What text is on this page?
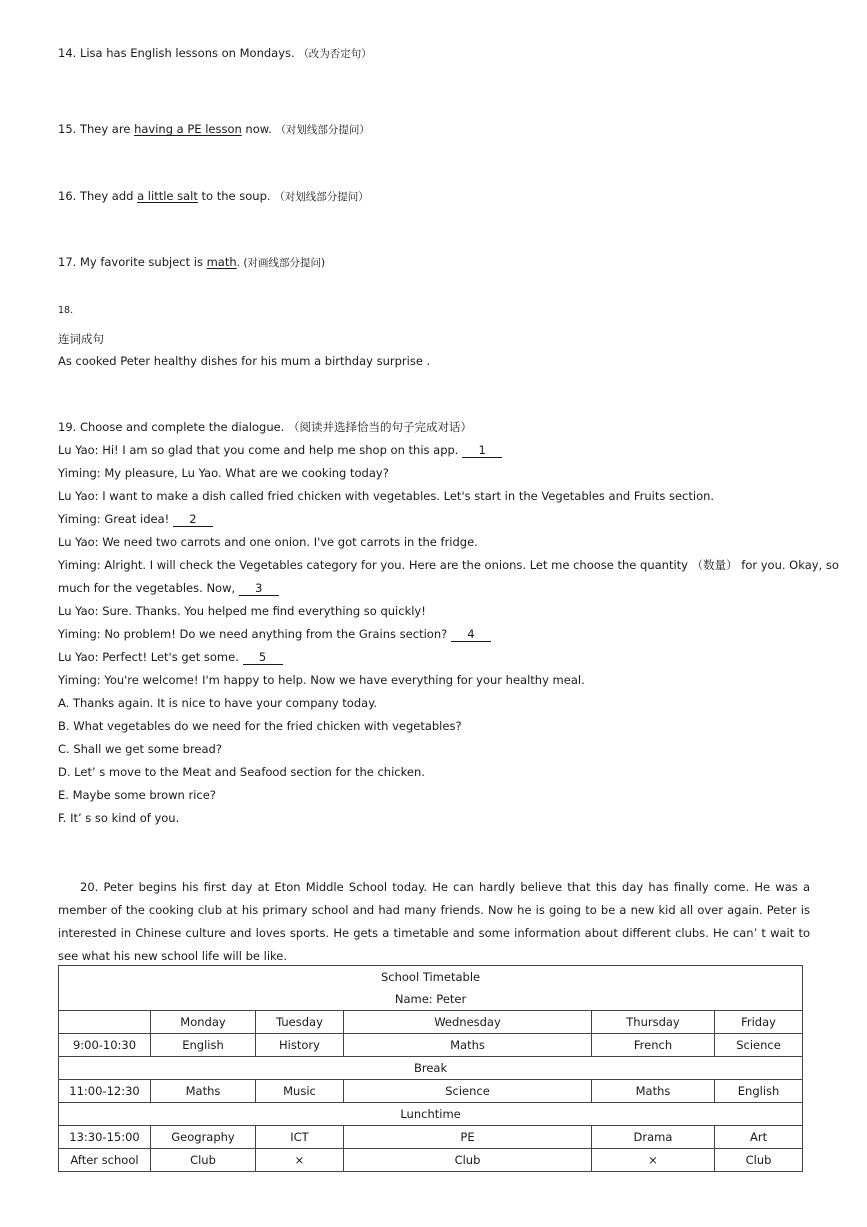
14. Lisa has English lessons on Mondays. （改为否定句）
15. They are having a PE lesson now. （对划线部分提问）
16. They add a little salt to the soup. （对划线部分提问）
17. My favorite subject is math. (对画线部分提问)
18.
连词成句
As cooked Peter healthy dishes for his mum a birthday surprise .
19. Choose and complete the dialogue. （阅读并选择恰当的句子完成对话）
Lu Yao: Hi! I am so glad that you come and help me shop on this app. 1
Yiming: My pleasure, Lu Yao. What are we cooking today?
Lu Yao: I want to make a dish called fried chicken with vegetables. Let's start in the Vegetables and Fruits section.
Yiming: Great idea! 2
Lu Yao: We need two carrots and one onion. I've got carrots in the fridge.
Yiming: Alright. I will check the Vegetables category for you. Here are the onions. Let me choose the quantity （数量） for you. Okay, so
much for the vegetables. Now, 3
Lu Yao: Sure. Thanks. You helped me find everything so quickly!
Yiming: No problem! Do we need anything from the Grains section? 4
Lu Yao: Perfect! Let's get some. 5
Yiming: You're welcome! I'm happy to help. Now we have everything for your healthy meal.
A. Thanks again. It is nice to have your company today.
B. What vegetables do we need for the fried chicken with vegetables?
C. Shall we get some bread?
D. Let’ s move to the Meat and Seafood section for the chicken.
E. Maybe some brown rice?
F. It’ s so kind of you.
20. Peter begins his first day at Eton Middle School today. He can hardly believe that this day has finally come. He was a member of the cooking club at his primary school and had many friends. Now he is going to be a new kid all over again. Peter is interested in Chinese culture and loves sports. He gets a timetable and some information about different clubs. He can’ t wait to see what his new school life will be like.
School Timetable					
Name: Peter					
	Monday	Tuesday	Wednesday	Thursday	Friday
9:00-10:30	English	History	Maths	French	Science
Break					
11:00-12:30	Maths	Music	Science	Maths	English
Lunchtime					
13:30-15:00	Geography	ICT	PE	Drama	Art
After school	Club	×	Club	×	Club
